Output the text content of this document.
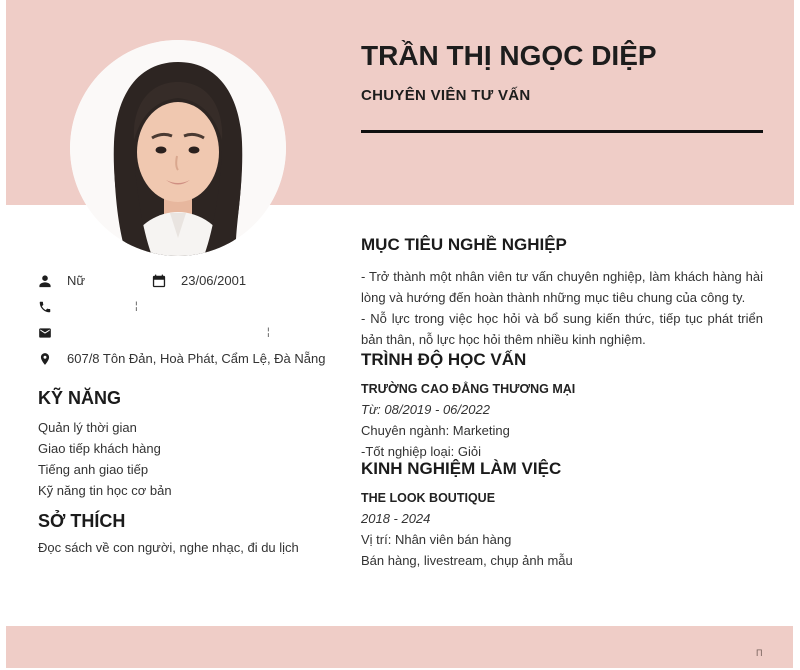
TRẦN THỊ NGỌC DIỆP
CHUYÊN VIÊN TƯ VẤN
Nữ	23/06/2001
¦
¦
607/8 Tôn Đản, Hoà Phát, Cẩm Lệ, Đà Nẵng
KỸ NĂNG
Quản lý thời gian
Giao tiếp khách hàng
Tiếng anh giao tiếp
Kỹ năng tin học cơ bản
SỞ THÍCH
Đọc sách về con người, nghe nhạc, đi du lịch
MỤC TIÊU NGHỀ NGHIỆP

- Trở thành một nhân viên tư vấn chuyên nghiệp, làm khách hàng hài lòng và hướng đến hoàn thành những mục tiêu chung của công ty.

- Nỗ lực trong việc học hỏi và bổ sung kiến thức, tiếp tục phát triển bản thân, nỗ lực học hỏi thêm nhiều kinh nghiệm.

TRÌNH ĐỘ HỌC VẤN
TRƯỜNG CAO ĐẲNG THƯƠNG MẠI
Từ: 08/2019 - 06/2022
Chuyên ngành: Marketing
-Tốt nghiệp loại: Giỏi
KINH NGHIỆM LÀM VIỆC
THE LOOK BOUTIQUE
2018 - 2024
Vị trí: Nhân viên bán hàng
Bán hàng, livestream, chụp ảnh mẫu
Π
